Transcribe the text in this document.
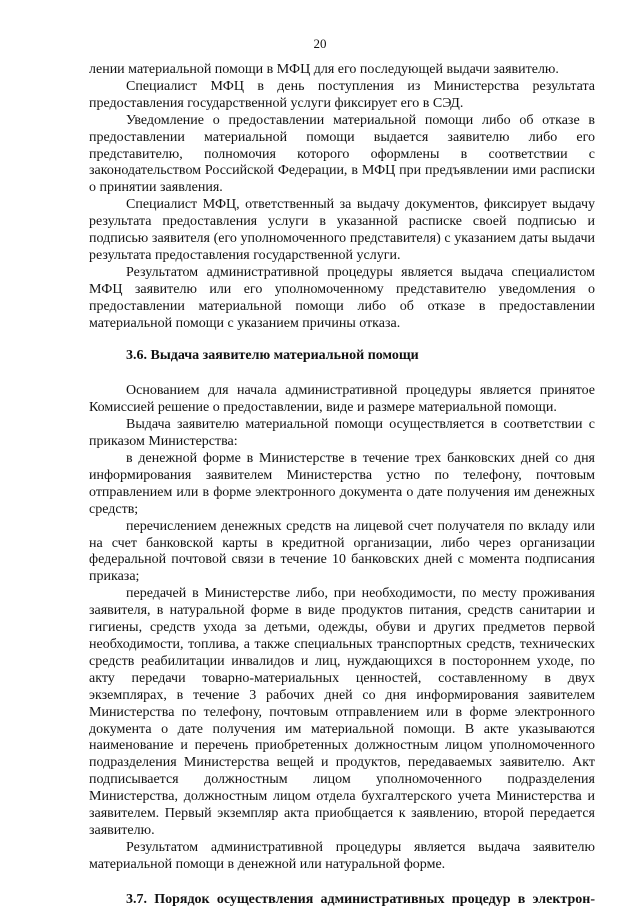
20

лении материальной помощи в МФЦ для его последующей выдачи заявителю.

Специалист МФЦ в день поступления из Министерства результата предоставления государственной услуги фиксирует его в СЭД.

Уведомление о предоставлении материальной помощи либо об отказе в предоставлении материальной помощи выдается заявителю либо его представителю, полномочия которого оформлены в соответствии с законодательством Российской Федерации, в МФЦ при предъявлении ими расписки о принятии заявления.

Специалист МФЦ, ответственный за выдачу документов, фиксирует выдачу результата предоставления услуги в указанной расписке своей подписью и подписью заявителя (его уполномоченного представителя) с указанием даты выдачи результата предоставления государственной услуги.

Результатом административной процедуры является выдача специалистом МФЦ заявителю или его уполномоченному представителю уведомления о предоставлении материальной помощи либо об отказе в предоставлении материальной помощи с указанием причины отказа.

3.6. Выдача заявителю материальной помощи

Основанием для начала административной процедуры является принятое Комиссией решение о предоставлении, виде и размере материальной помощи.

Выдача заявителю материальной помощи осуществляется в соответствии с приказом Министерства:

в денежной форме в Министерстве в течение трех банковских дней со дня информирования заявителем Министерства устно по телефону, почтовым отправлением или в форме электронного документа о дате получения им денежных средств;

перечислением денежных средств на лицевой счет получателя по вкладу или на счет банковской карты в кредитной организации, либо через организации федеральной почтовой связи в течение 10 банковских дней с момента подписания приказа;

передачей в Министерстве либо, при необходимости, по месту проживания заявителя, в натуральной форме в виде продуктов питания, средств санитарии и гигиены, средств ухода за детьми, одежды, обуви и других предметов первой необходимости, топлива, а также специальных транспортных средств, технических средств реабилитации инвалидов и лиц, нуждающихся в постороннем уходе, по акту передачи товарно-материальных ценностей, составленному в двух экземплярах, в течение 3 рабочих дней со дня информирования заявителем Министерства по телефону, почтовым отправлением или в форме электронного документа о дате получения им материальной помощи. В акте указываются наименование и перечень приобретенных должностным лицом уполномоченного подразделения Министерства вещей и продуктов, передаваемых заявителю. Акт подписывается должностным лицом уполномоченного подразделения Министерства, должностным лицом отдела бухгалтерского учета Министерства и заявителем. Первый экземпляр акта приобщается к заявлению, второй передается заявителю.

Результатом административной процедуры является выдача заявителю материальной помощи в денежной или натуральной форме.

3.7. Порядок осуществления административных процедур в электрон-
